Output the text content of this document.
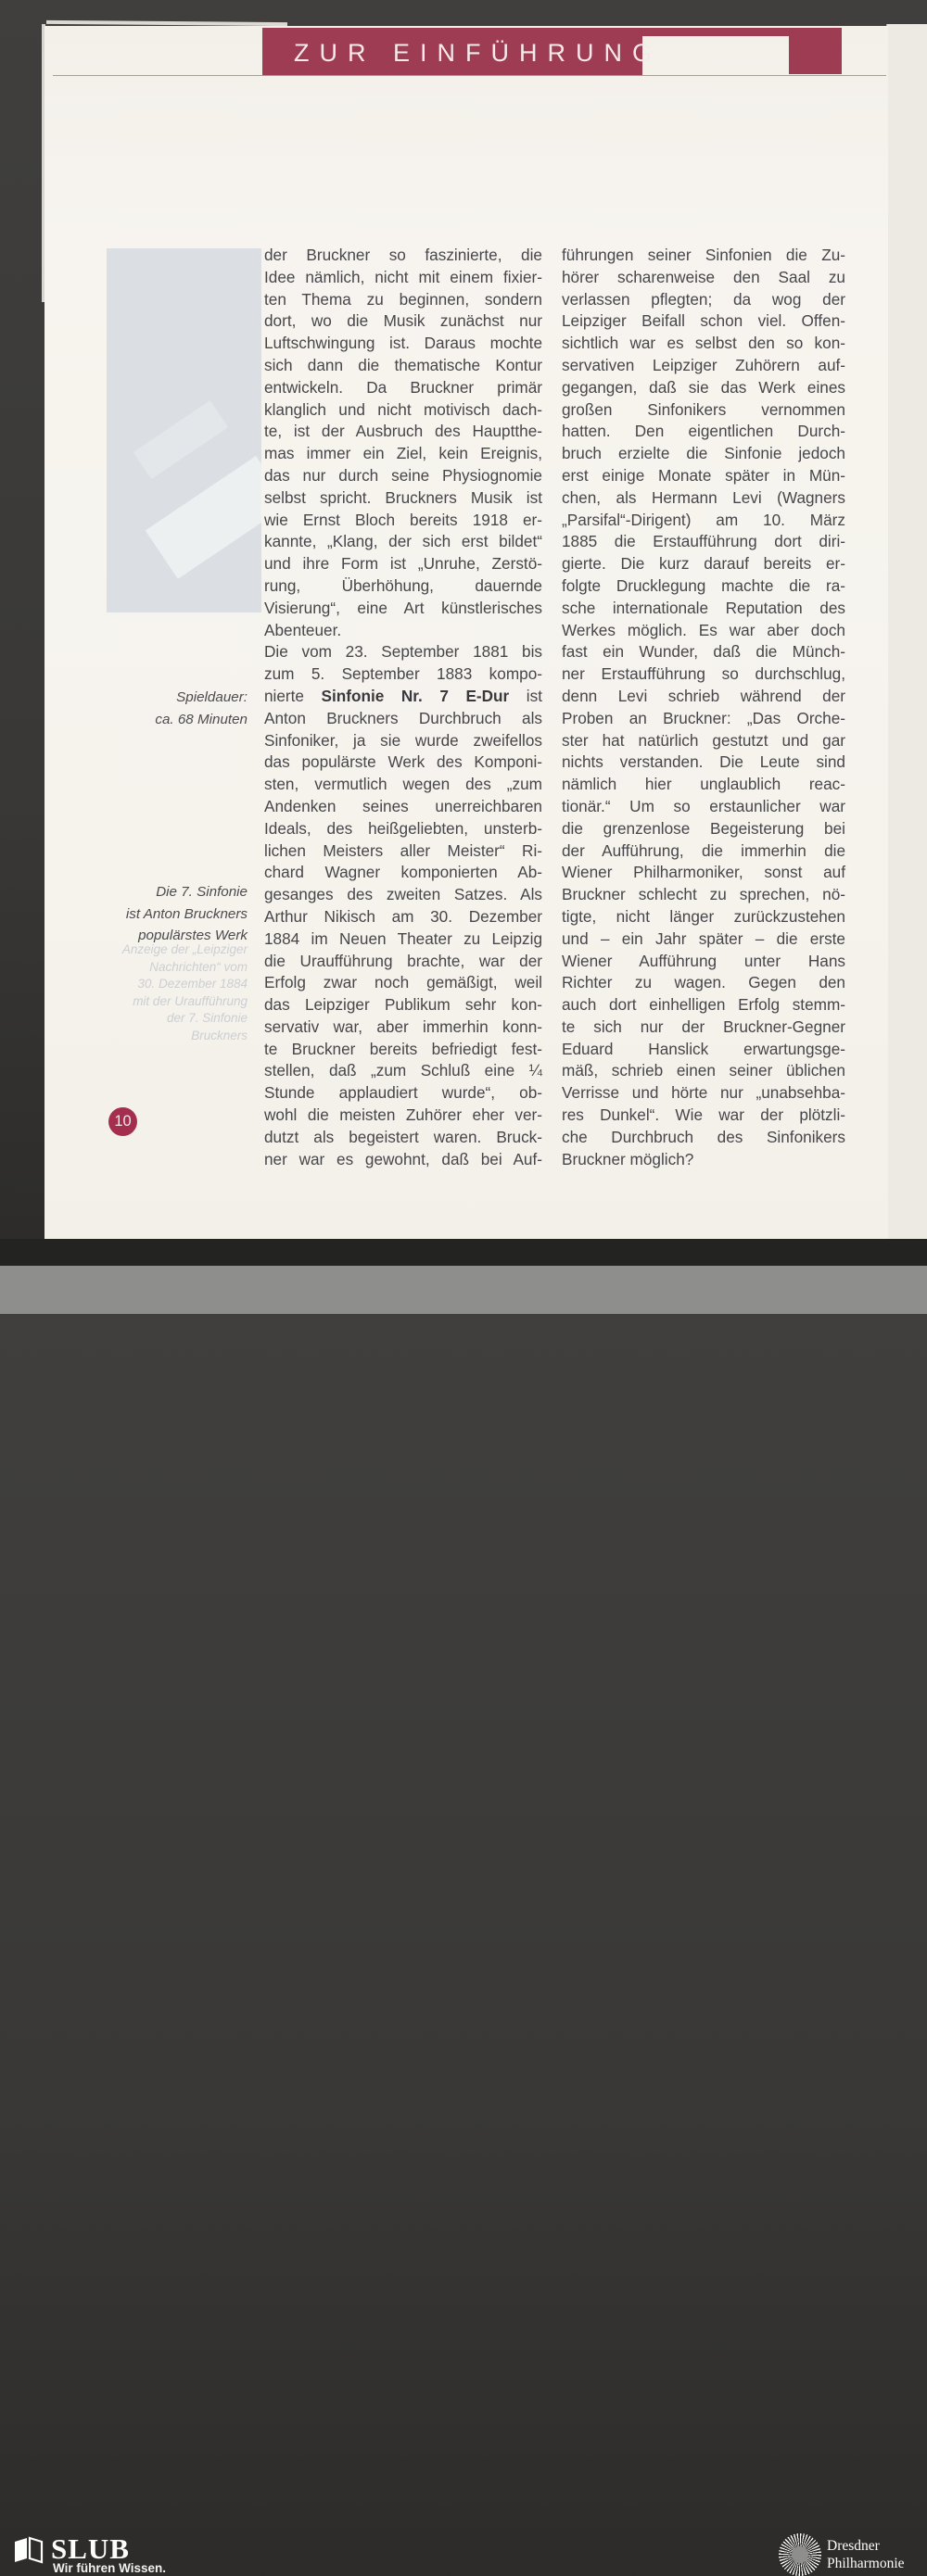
ZUR EINFÜHRUNG
der Bruckner so faszinierte, die
Idee nämlich, nicht mit einem fixier-
ten Thema zu beginnen, sondern
dort, wo die Musik zunächst nur
Luftschwingung ist. Daraus mochte
sich dann die thematische Kontur
entwickeln. Da Bruckner primär
klanglich und nicht motivisch dach-
te, ist der Ausbruch des Hauptthe-
mas immer ein Ziel, kein Ereignis,
das nur durch seine Physiognomie
selbst spricht. Bruckners Musik ist
wie Ernst Bloch bereits 1918 er-
kannte, „Klang, der sich erst bildet“
und ihre Form ist „Unruhe, Zerstö-
rung, Überhöhung, dauernde
Visierung“, eine Art künstlerisches
Abenteuer.
Die vom 23. September 1881 bis
zum 5. September 1883 kompo-
nierte Sinfonie Nr. 7 E-Dur ist
Anton Bruckners Durchbruch als
Sinfoniker, ja sie wurde zweifellos
das populärste Werk des Komponi-
sten, vermutlich wegen des „zum
Andenken seines unerreichbaren
Ideals, des heißgeliebten, unsterb-
lichen Meisters aller Meister“ Ri-
chard Wagner komponierten Ab-
gesanges des zweiten Satzes. Als
Arthur Nikisch am 30. Dezember
1884 im Neuen Theater zu Leipzig
die Uraufführung brachte, war der
Erfolg zwar noch gemäßigt, weil
das Leipziger Publikum sehr kon-
servativ war, aber immerhin konn-
te Bruckner bereits befriedigt fest-
stellen, daß „zum Schluß eine ¼
Stunde applaudiert wurde“, ob-
wohl die meisten Zuhörer eher ver-
dutzt als begeistert waren. Bruck-
ner war es gewohnt, daß bei Auf-
führungen seiner Sinfonien die Zu-
hörer scharenweise den Saal zu
verlassen pflegten; da wog der
Leipziger Beifall schon viel. Offen-
sichtlich war es selbst den so kon-
servativen Leipziger Zuhörern auf-
gegangen, daß sie das Werk eines
großen Sinfonikers vernommen
hatten. Den eigentlichen Durch-
bruch erzielte die Sinfonie jedoch
erst einige Monate später in Mün-
chen, als Hermann Levi (Wagners
„Parsifal“-Dirigent) am 10. März
1885 die Erstaufführung dort diri-
gierte. Die kurz darauf bereits er-
folgte Drucklegung machte die ra-
sche internationale Reputation des
Werkes möglich. Es war aber doch
fast ein Wunder, daß die Münch-
ner Erstaufführung so durchschlug,
denn Levi schrieb während der
Proben an Bruckner: „Das Orche-
ster hat natürlich gestutzt und gar
nichts verstanden. Die Leute sind
nämlich hier unglaublich reac-
tionär.“ Um so erstaunlicher war
die grenzenlose Begeisterung bei
der Aufführung, die immerhin die
Wiener Philharmoniker, sonst auf
Bruckner schlecht zu sprechen, nö-
tigte, nicht länger zurückzustehen
und – ein Jahr später – die erste
Wiener Aufführung unter Hans
Richter zu wagen. Gegen den
auch dort einhelligen Erfolg stemm-
te sich nur der Bruckner-Gegner
Eduard Hanslick erwartungsge-
mäß, schrieb einen seiner üblichen
Verrisse und hörte nur „unabsehba-
res Dunkel“. Wie war der plötzli-
che Durchbruch des Sinfonikers
Bruckner möglich?
Spieldauer:
ca. 68 Minuten
Die 7. Sinfonie
ist Anton Bruckners
populärstes Werk
Anzeige der „Leipziger
Nachrichten“ vom
30. Dezember 1884
mit der Uraufführung
der 7. Sinfonie
Bruckners
10
SLUB
Wir führen Wissen.
Dresdner
Philharmonie
